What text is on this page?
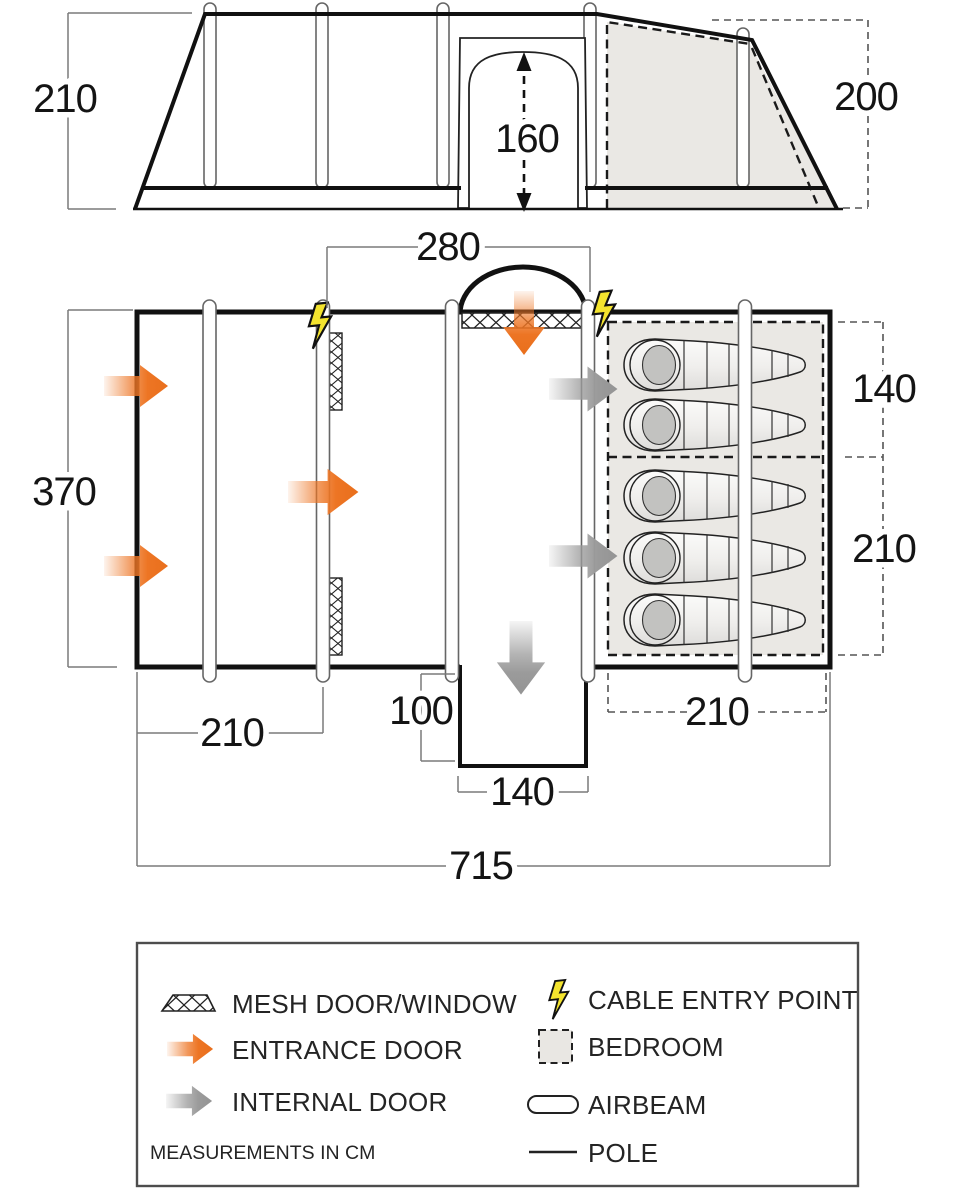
210
160
200
280
370
210	100
140
715
210
140
210
MESH DOOR/WINDOW
ENTRANCE DOOR
INTERNAL DOOR
MEASUREMENTS IN CM
CABLE ENTRY POINT
BEDROOM
AIRBEAM
POLE
